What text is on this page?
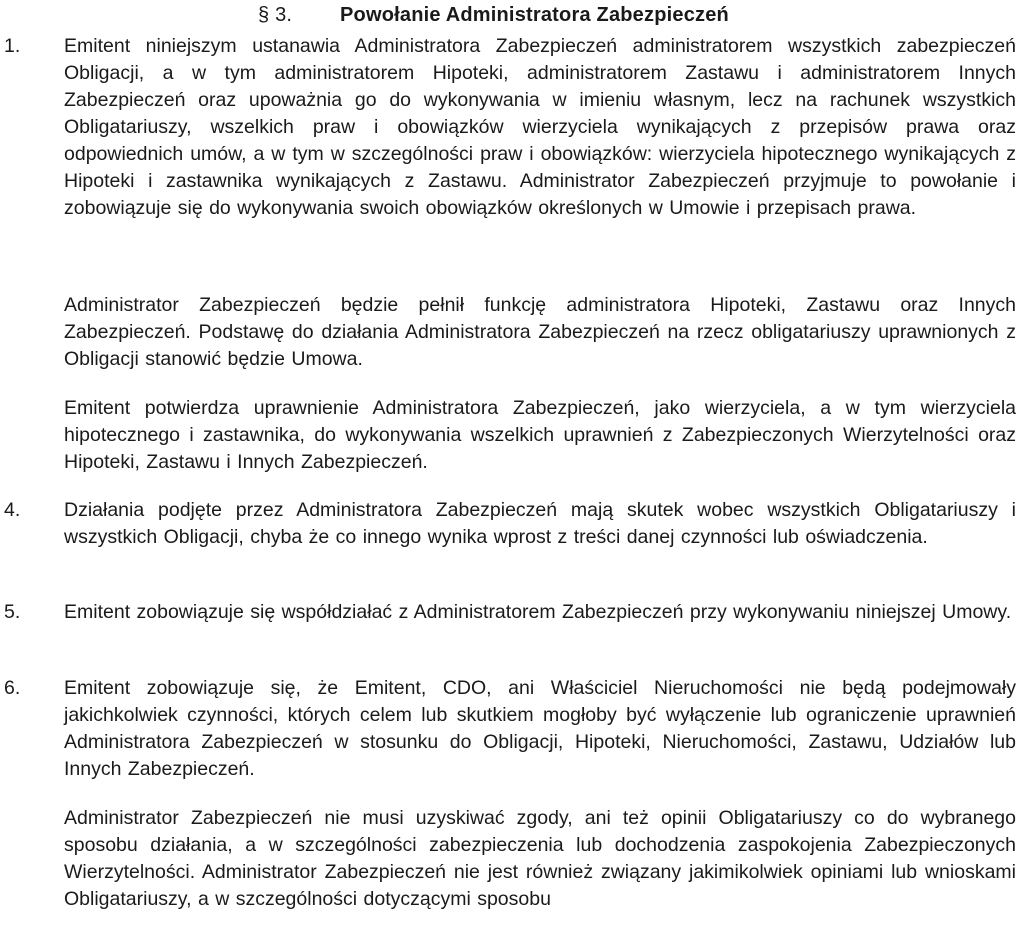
§ 3. Powołanie Administratora Zabezpieczeń
1. Emitent niniejszym ustanawia Administratora Zabezpieczeń administratorem wszystkich zabezpieczeń Obligacji, a w tym administratorem Hipoteki, administratorem Zastawu i administratorem Innych Zabezpieczeń oraz upoważnia go do wykonywania w imieniu własnym, lecz na rachunek wszystkich Obligatariuszy, wszelkich praw i obowiązków wierzyciela wynikających z przepisów prawa oraz odpowiednich umów, a w tym w szczególności praw i obowiązków: wierzyciela hipotecznego wynikających z Hipoteki i zastawnika wynikających z Zastawu. Administrator Zabezpieczeń przyjmuje to powołanie i zobowiązuje się do wykonywania swoich obowiązków określonych w Umowie i przepisach prawa.
Administrator Zabezpieczeń będzie pełnił funkcję administratora Hipoteki, Zastawu oraz Innych Zabezpieczeń. Podstawę do działania Administratora Zabezpieczeń na rzecz obligatariuszy uprawnionych z Obligacji stanowić będzie Umowa.
Emitent potwierdza uprawnienie Administratora Zabezpieczeń, jako wierzyciela, a w tym wierzyciela hipotecznego i zastawnika, do wykonywania wszelkich uprawnień z Zabezpieczonych Wierzytelności oraz Hipoteki, Zastawu i Innych Zabezpieczeń.
4. Działania podjęte przez Administratora Zabezpieczeń mają skutek wobec wszystkich Obligatariuszy i wszystkich Obligacji, chyba że co innego wynika wprost z treści danej czynności lub oświadczenia.
5. Emitent zobowiązuje się współdziałać z Administratorem Zabezpieczeń przy wykonywaniu niniejszej Umowy.
6. Emitent zobowiązuje się, że Emitent, CDO, ani Właściciel Nieruchomości nie będą podejmowały jakichkolwiek czynności, których celem lub skutkiem mogłoby być wyłączenie lub ograniczenie uprawnień Administratora Zabezpieczeń w stosunku do Obligacji, Hipoteki, Nieruchomości, Zastawu, Udziałów lub Innych Zabezpieczeń.
Administrator Zabezpieczeń nie musi uzyskiwać zgody, ani też opinii Obligatariuszy co do wybranego sposobu działania, a w szczególności zabezpieczenia lub dochodzenia zaspokojenia Zabezpieczonych Wierzytelności. Administrator Zabezpieczeń nie jest również związany jakimikolwiek opiniami lub wnioskami Obligatariuszy, a w szczególności dotyczącymi sposobu
